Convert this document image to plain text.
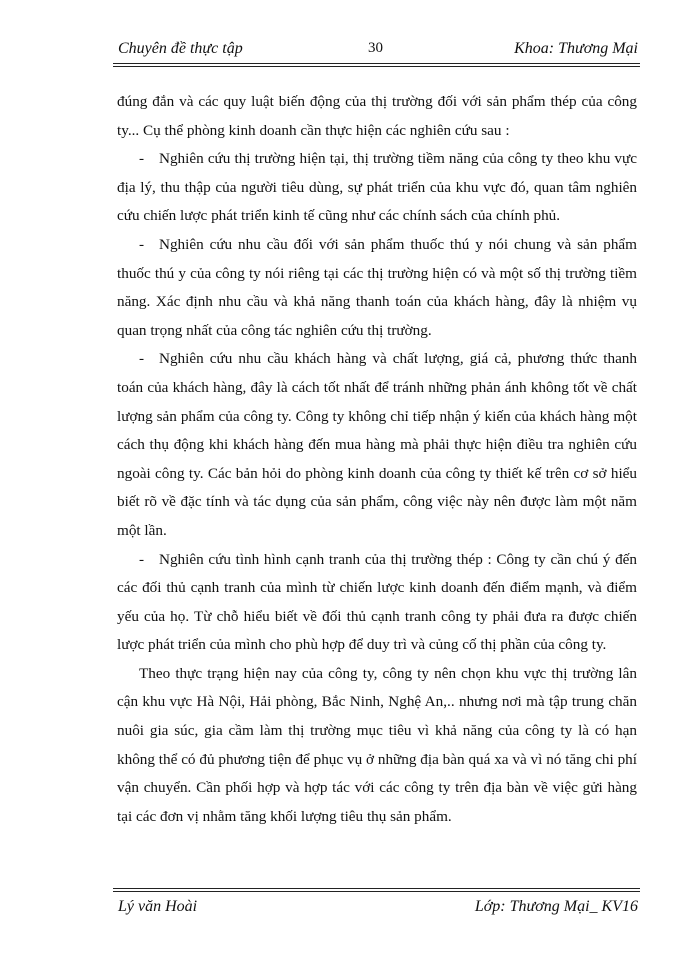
Chuyên đề thực tập	30	Khoa: Thương Mại

đúng đắn và các quy luật biến động của thị trường đối với sản phẩm thép của công ty... Cụ thể phòng kinh doanh cần thực hiện các nghiên cứu sau :

- Nghiên cứu thị trường hiện tại, thị trường tiềm năng của công ty theo khu vực địa lý, thu thập của người tiêu dùng, sự phát triển của khu vực đó, quan tâm nghiên cứu chiến lược phát triển kinh tế cũng như các chính sách của chính phủ.

- Nghiên cứu nhu cầu đối với sản phẩm thuốc thú y nói chung và sản phẩm thuốc thú y của công ty nói riêng tại các thị trường hiện có và một số thị trường tiềm năng. Xác định nhu cầu và khả năng thanh toán của khách hàng, đây là nhiệm vụ quan trọng nhất của công tác nghiên cứu thị trường.

- Nghiên cứu nhu cầu khách hàng và chất lượng, giá cả, phương thức thanh toán của khách hàng, đây là cách tốt nhất để tránh những phản ánh không tốt về chất lượng sản phẩm của công ty. Công ty không chỉ tiếp nhận ý kiến của khách hàng một cách thụ động khi khách hàng đến mua hàng mà phải thực hiện điều tra nghiên cứu ngoài công ty. Các bản hỏi do phòng kinh doanh của công ty thiết kế trên cơ sở hiểu biết rõ về đặc tính và tác dụng của sản phẩm, công việc này nên được làm một năm một lần.

- Nghiên cứu tình hình cạnh tranh của thị trường thép : Công ty cần chú ý đến các đối thủ cạnh tranh của mình từ chiến lược kinh doanh đến điểm mạnh, và điểm yếu của họ. Từ chỗ hiểu biết về đối thủ cạnh tranh công ty phải đưa ra được chiến lược phát triển của mình cho phù hợp để duy trì và củng cố thị phần của công ty.

Theo thực trạng hiện nay của công ty, công ty nên chọn khu vực thị trường lân cận khu vực Hà Nội, Hải phòng, Bắc Ninh, Nghệ An,.. nhưng nơi mà tập trung chăn nuôi gia súc, gia cầm làm thị trường mục tiêu vì khả năng của công ty là có hạn không thể có đủ phương tiện để phục vụ ở những địa bàn quá xa và vì nó tăng chi phí vận chuyển. Cần phối hợp và hợp tác với các công ty trên địa bàn về việc gửi hàng tại các đơn vị nhằm tăng khối lượng tiêu thụ sản phẩm.

Lý văn Hoài	Lớp: Thương Mại_ KV16
